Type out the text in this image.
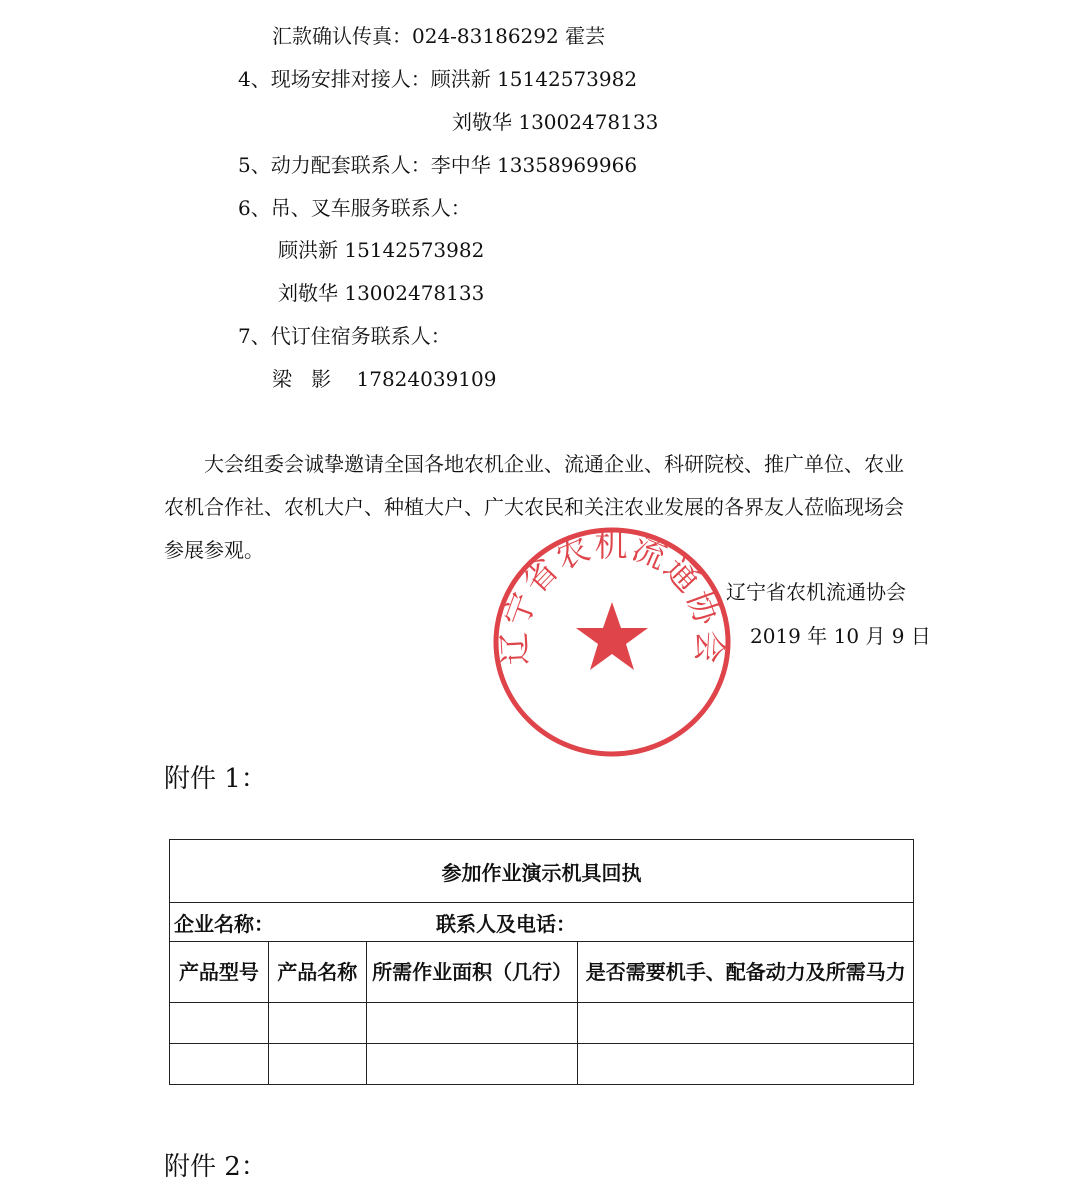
汇款确认传真：024-83186292 霍芸
4、现场安排对接人：顾洪新 15142573982
刘敬华 13002478133
5、动力配套联系人：李中华 13358969966
6、吊、叉车服务联系人：
顾洪新 15142573982
刘敬华 13002478133
7、代订住宿务联系人：
梁   影    17824039109

大会组委会诚挚邀请全国各地农机企业、流通企业、科研院校、推广单位、农业农机合作社、农机大户、种植大户、广大农民和关注农业发展的各界友人莅临现场会参展参观。

辽宁省农机流通协会
辽宁省农机流通协会
2019 年 10 月 9 日
附件 1：
参加作业演示机具回执			
企业名称： 联系人及电话：			
产品型号	产品名称	所需作业面积（几行）	是否需要机手、配备动力及所需马力

附件 2：
